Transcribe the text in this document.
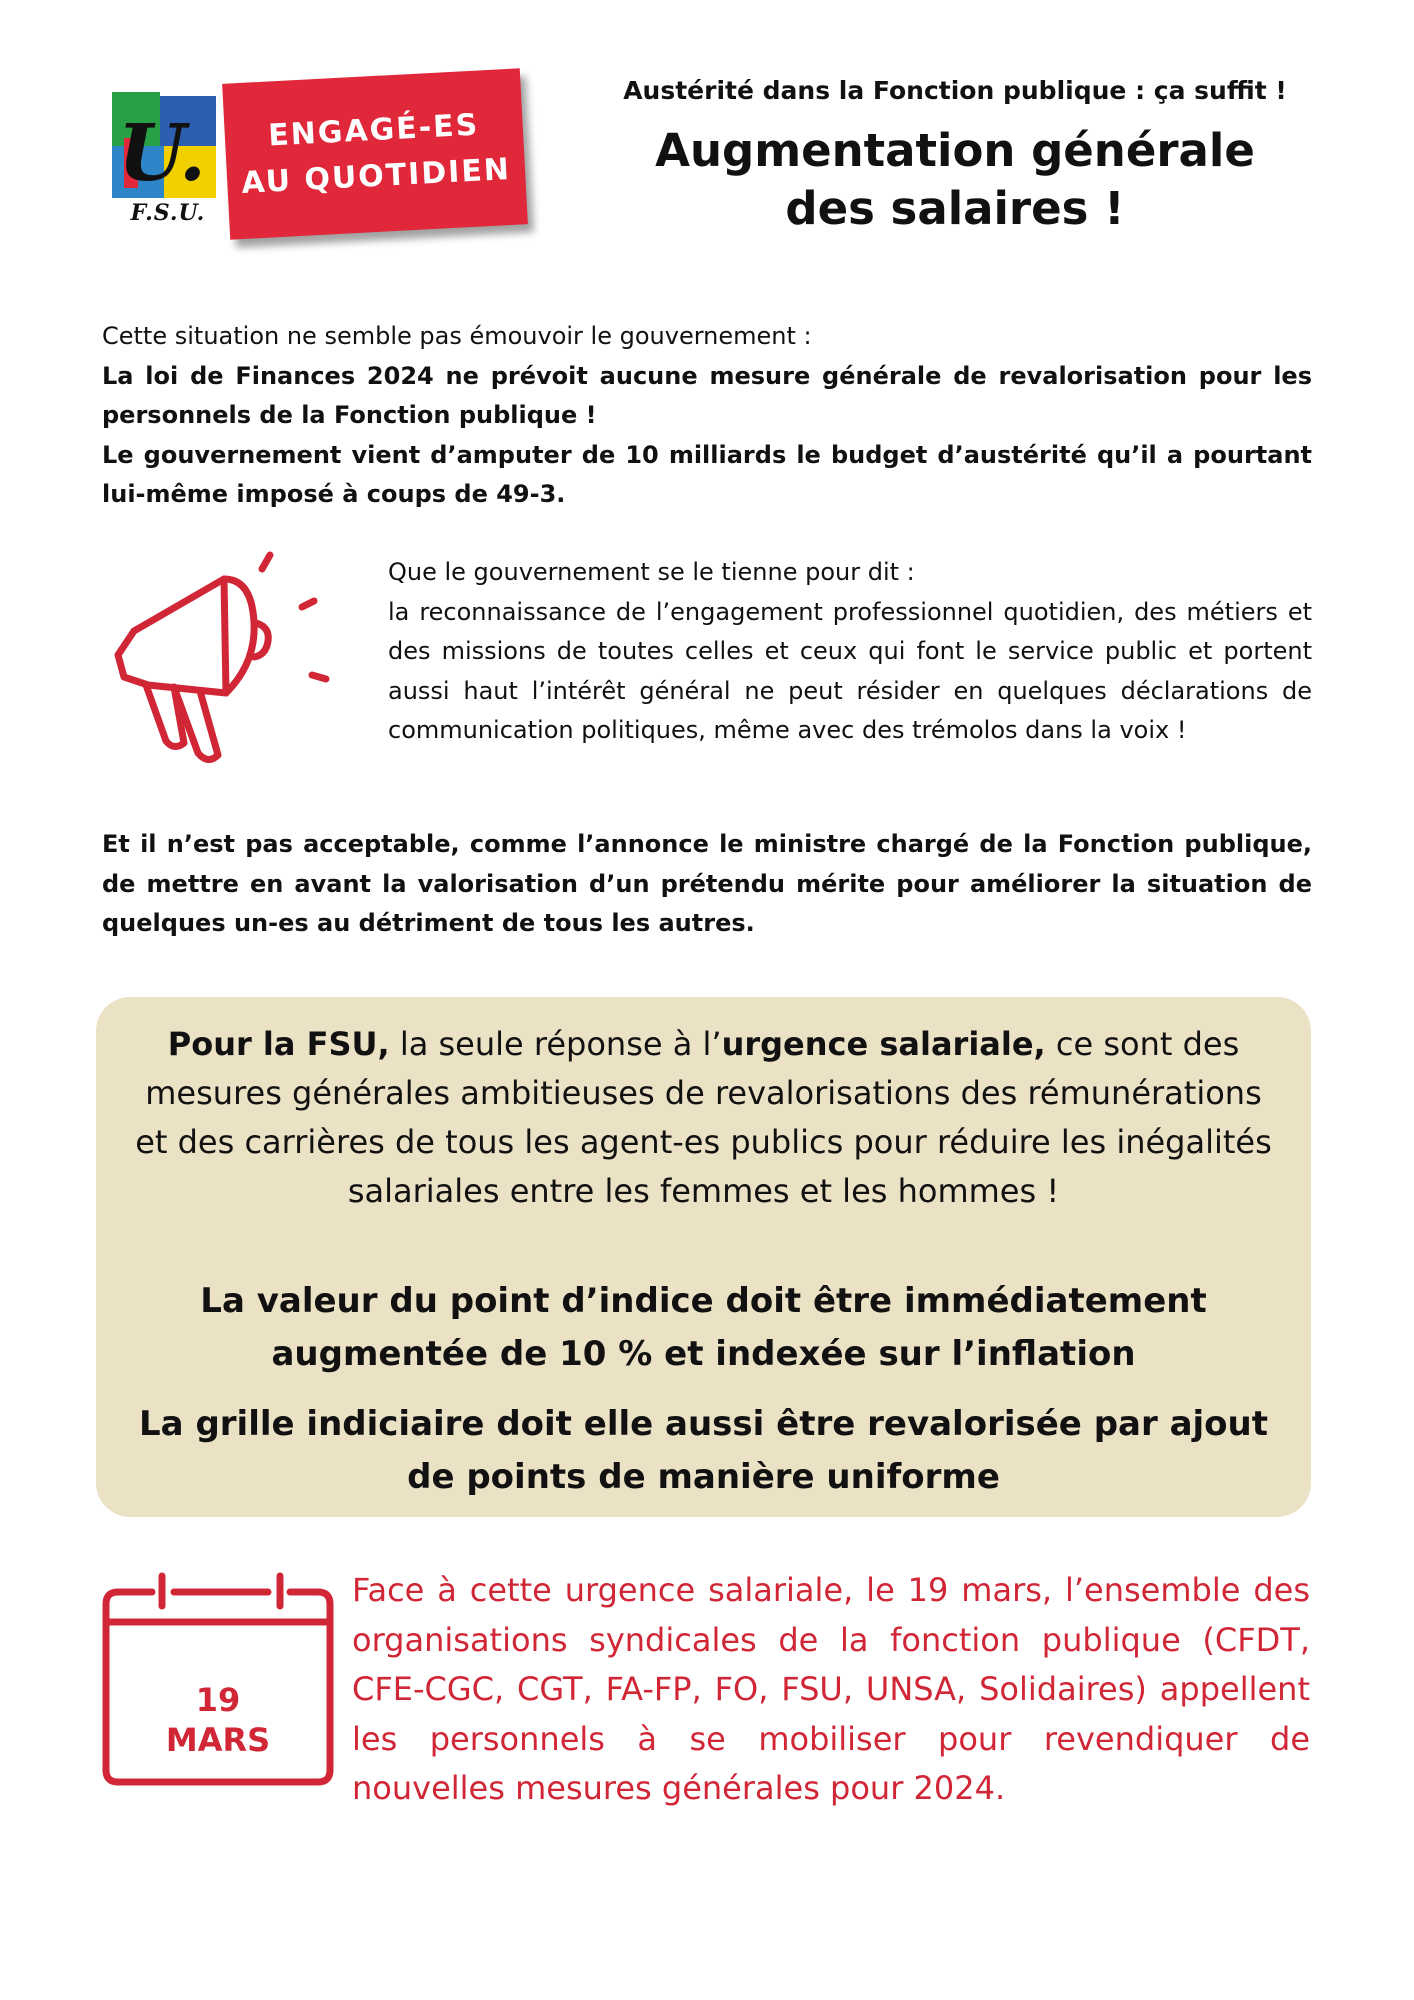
U.
F.S.U.
ENGAGÉ-ES
AU QUOTIDIEN
Austérité dans la Fonction publique : ça suffit !
Augmentation générale
des salaires !
Cette situation ne semble pas émouvoir le gouvernement :
La loi de Finances 2024 ne prévoit aucune mesure générale de revalorisation pour les personnels de la Fonction publique !
Le gouvernement vient d’amputer de 10 milliards le budget d’austérité qu’il a pourtant lui-même imposé à coups de 49-3.
Que le gouvernement se le tienne pour dit :
la reconnaissance de l’engagement professionnel quotidien, des métiers et des missions de toutes celles et ceux qui font le service public et portent aussi haut l’intérêt général ne peut résider en quelques déclarations de communication politiques, même avec des trémolos dans la voix !
Et il n’est pas acceptable, comme l’annonce le ministre chargé de la Fonction publique, de mettre en avant la valorisation d’un prétendu mérite pour améliorer la situation de quelques un-es au détriment de tous les autres.
Pour la FSU, la seule réponse à l’urgence salariale, ce sont des mesures générales ambitieuses de revalorisations des rémunérations et des carrières de tous les agent-es publics pour réduire les inégalités salariales entre les femmes et les hommes !
La valeur du point d’indice doit être immédiatement augmentée de 10 % et indexée sur l’inflation
La grille indiciaire doit elle aussi être revalorisée par ajout de points de manière uniforme
19
MARS
Face à cette urgence salariale, le 19 mars, l’ensemble des organisations syndicales de la fonction publique (CFDT, CFE-CGC, CGT, FA-FP, FO, FSU, UNSA, Solidaires) appellent les personnels à se mobiliser pour revendiquer de nouvelles mesures générales pour 2024.
